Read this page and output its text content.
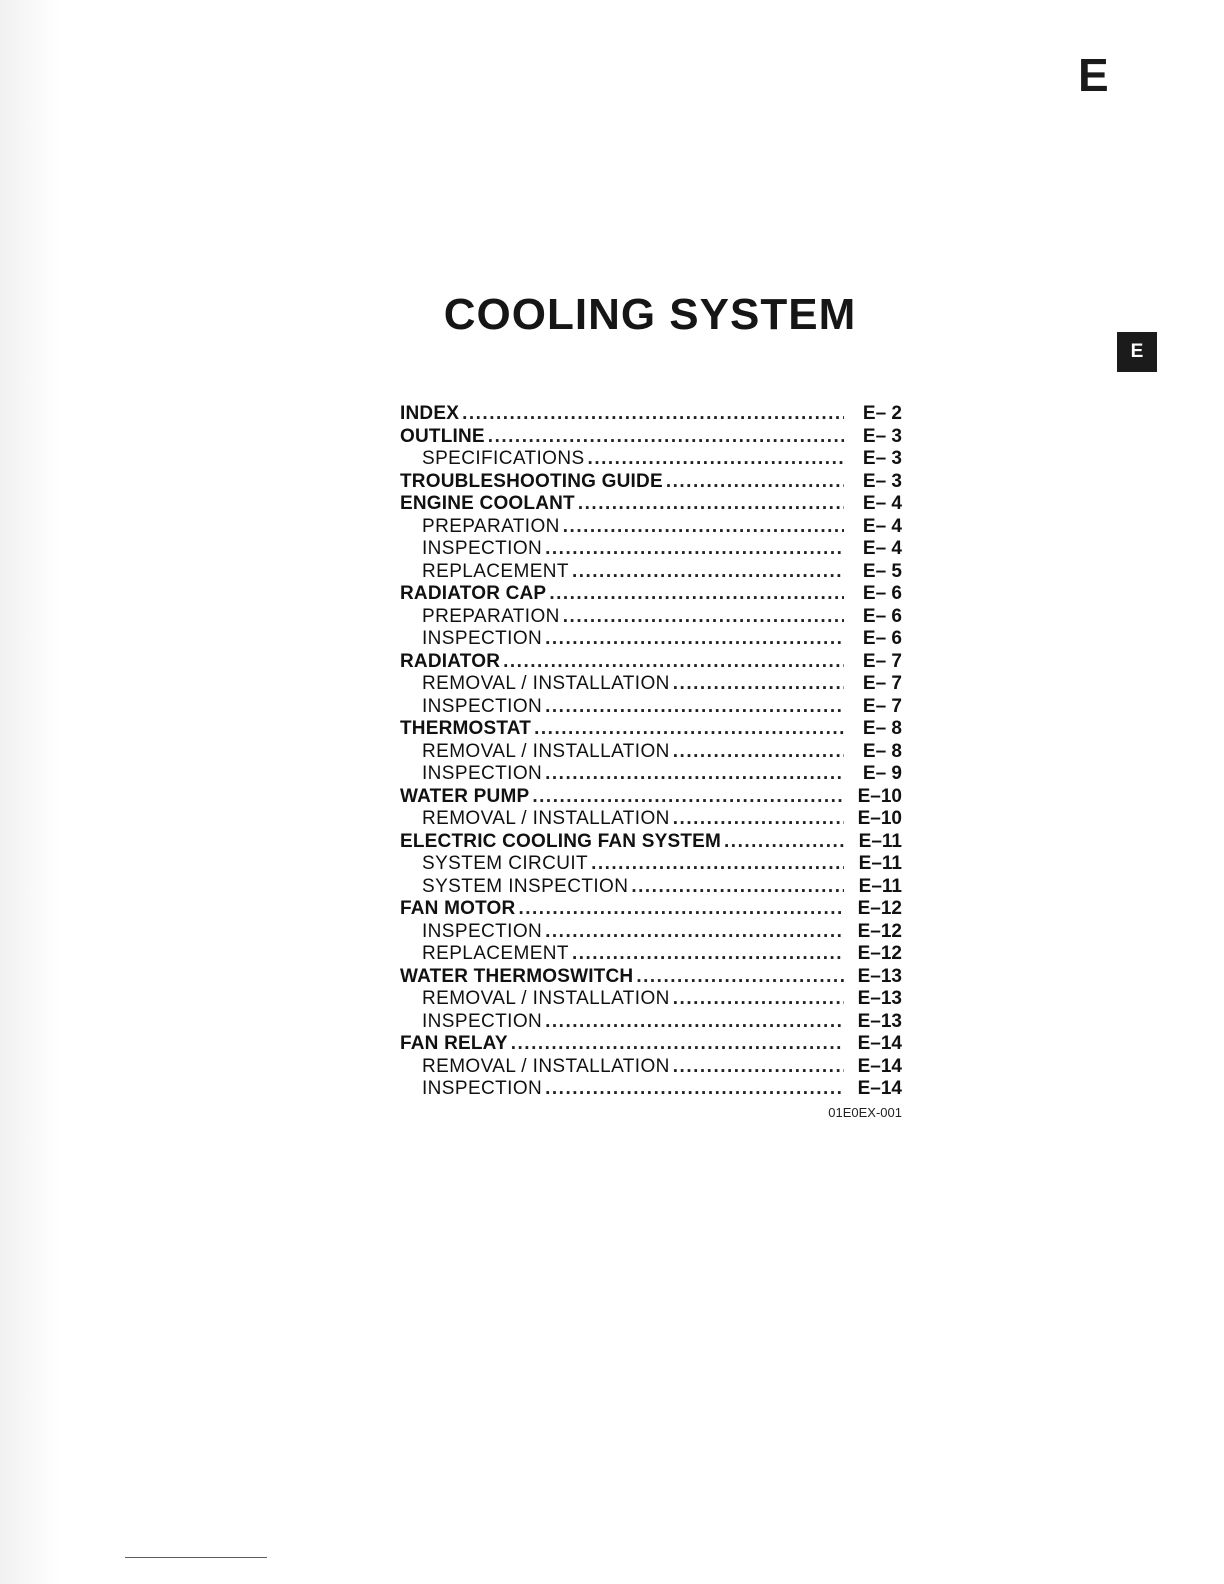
E
E
COOLING SYSTEM
INDEX .....	E– 2
OUTLINE .....	E– 3
SPECIFICATIONS .....	E– 3
TROUBLESHOOTING GUIDE .....	E– 3
ENGINE COOLANT .....	E– 4
PREPARATION .....	E– 4
INSPECTION .....	E– 4
REPLACEMENT .....	E– 5
RADIATOR CAP .....	E– 6
PREPARATION .....	E– 6
INSPECTION .....	E– 6
RADIATOR .....	E– 7
REMOVAL / INSTALLATION .....	E– 7
INSPECTION .....	E– 7
THERMOSTAT .....	E– 8
REMOVAL / INSTALLATION .....	E– 8
INSPECTION .....	E– 9
WATER PUMP .....	E–10
REMOVAL / INSTALLATION .....	E–10
ELECTRIC COOLING FAN SYSTEM .....	E–11
SYSTEM CIRCUIT .....	E–11
SYSTEM INSPECTION .....	E–11
FAN MOTOR .....	E–12
INSPECTION .....	E–12
REPLACEMENT .....	E–12
WATER THERMOSWITCH .....	E–13
REMOVAL / INSTALLATION .....	E–13
INSPECTION .....	E–13
FAN RELAY .....	E–14
REMOVAL / INSTALLATION .....	E–14
INSPECTION .....	E–14
01E0EX-001
